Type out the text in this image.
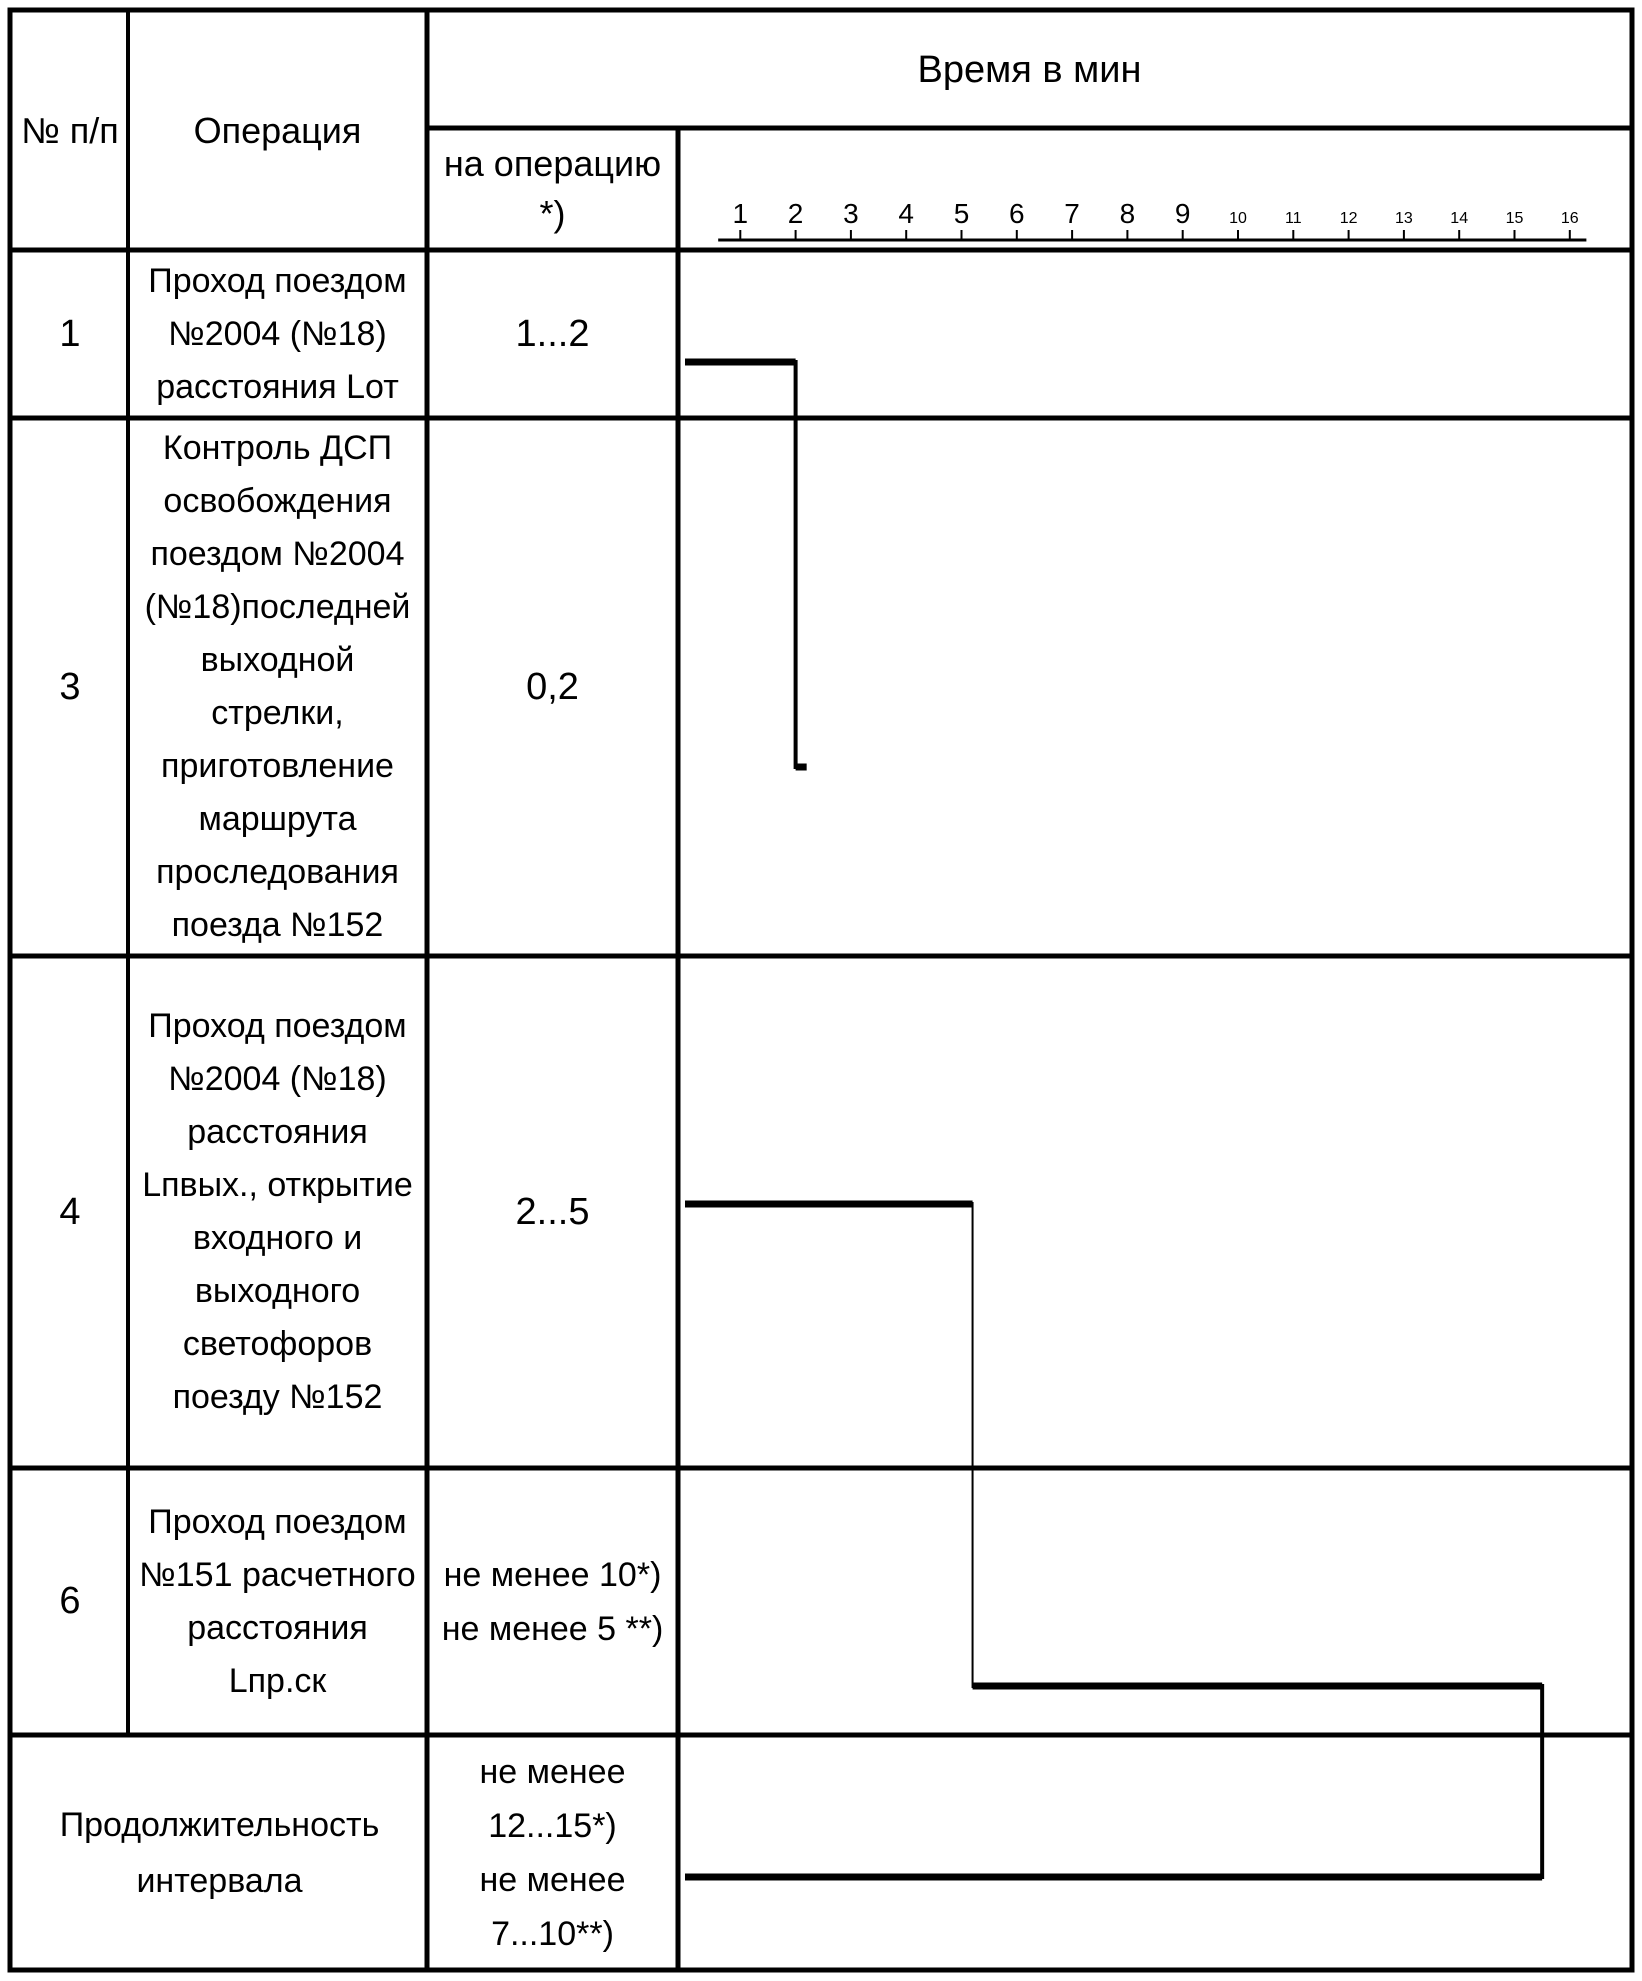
№ п/п Операция
Время в мин
на операцию
*)
1
Проход поездом
№2004 (№18)
расстояния Lот
1...2
3
Контроль ДСП
освобождения
поездом №2004
(№18)последней
выходной
стрелки,
приготовление
маршрута
проследования
поезда №152
0,2
4
Проход поездом
№2004 (№18)
расстояния
Lпвых., открытие
входного и
выходного
светофоров
поезду №152
2...5
6
Проход поездом
№151 расчетного
расстояния
Lпр.ск
не менее 10*)
не менее 5 **)
Продолжительность
интервала
не менее
12...15*)
не менее
7...10**)
1 2 3 4 5 6 7 8 9 10 11 12 13 14 15 16
